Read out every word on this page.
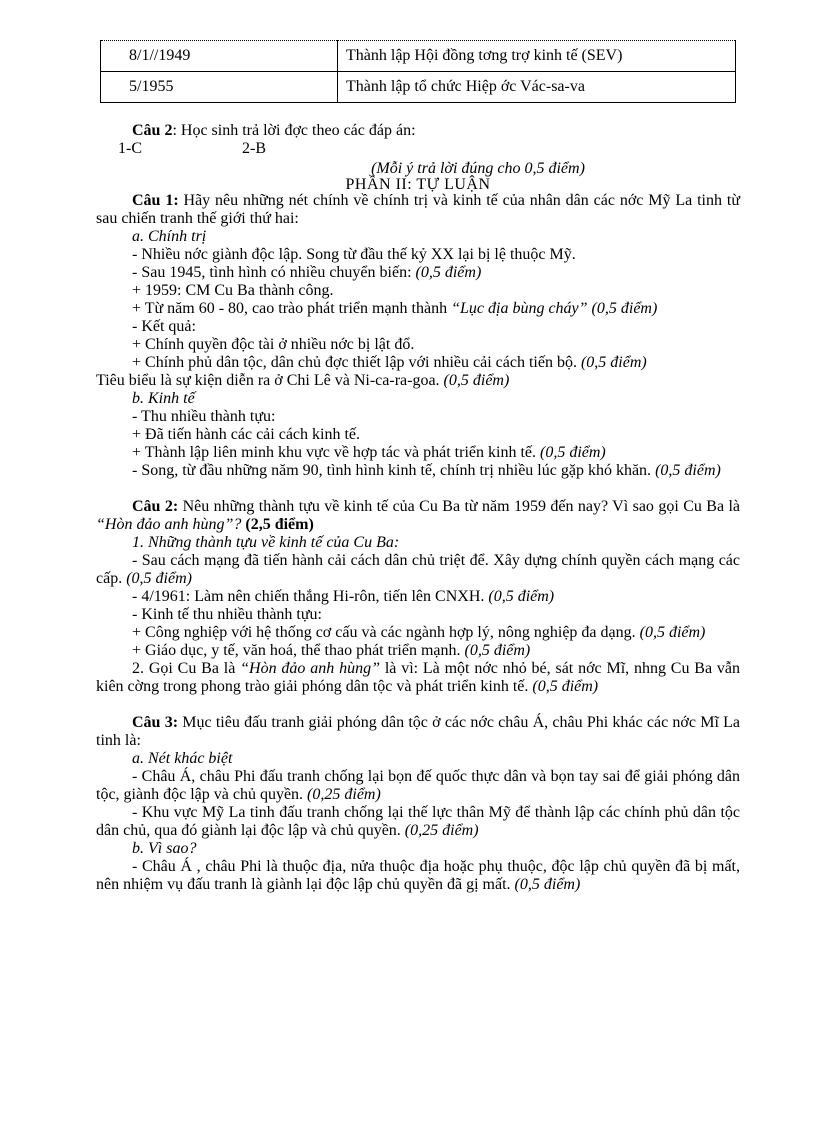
8/1//1949	Thành lập Hội đồng tơng trợ kinh tế (SEV)
5/1955	Thành lập tổ chức Hiệp ớc Vác-sa-va

Câu 2: Học sinh trả lời đợc theo các đáp án:

1-C	2-B

(Mỗi ý trả lời đúng cho 0,5 điểm)

PHẦN II: TỰ LUẬN

Câu 1: Hãy nêu những nét chính về chính trị và kinh tế của nhân dân các nớc Mỹ La tinh từ sau chiến tranh thế giới thứ hai:

a. Chính trị

- Nhiều nớc giành độc lập. Song từ đầu thế kỷ XX lại bị lệ thuộc Mỹ.

- Sau 1945, tình hình có nhiều chuyển biến: (0,5 điểm)

+ 1959: CM Cu Ba thành công.

+ Từ năm 60 - 80, cao trào phát triển mạnh thành “Lục địa bùng cháy” (0,5 điểm)

- Kết quả:

+ Chính quyền độc tài ở nhiều nớc bị lật đổ.

+ Chính phủ dân tộc, dân chủ đợc thiết lập với nhiều cải cách tiến bộ. (0,5 điểm)

Tiêu biểu là sự kiện diễn ra ở Chi Lê và Ni-ca-ra-goa. (0,5 điểm)

b. Kinh tế

- Thu nhiều thành tựu:

+ Đã tiến hành các cải cách kinh tế.

+ Thành lập liên minh khu vực về hợp tác và phát triển kinh tế. (0,5 điểm)

- Song, từ đầu những năm 90, tình hình kinh tế, chính trị nhiều lúc gặp khó khăn. (0,5 điểm)

Câu 2: Nêu những thành tựu về kinh tế của Cu Ba từ năm 1959 đến nay? Vì sao gọi Cu Ba là “Hòn đảo anh hùng”? (2,5 điểm)

1. Những thành tựu về kinh tế của Cu Ba:

- Sau cách mạng đã tiến hành cải cách dân chủ triệt để. Xây dựng chính quyền cách mạng các cấp. (0,5 điểm)

- 4/1961: Làm nên chiến thắng Hi-rôn, tiến lên CNXH. (0,5 điểm)

- Kinh tế thu nhiều thành tựu:

+ Công nghiệp với hệ thống cơ cấu và các ngành hợp lý, nông nghiệp đa dạng. (0,5 điểm)

+ Giáo dục, y tế, văn hoá, thể thao phát triển mạnh. (0,5 điểm)

2. Gọi Cu Ba là “Hòn đảo anh hùng” là vì: Là một nớc nhỏ bé, sát nớc Mĩ, nhng Cu Ba vẫn kiên cờng trong phong trào giải phóng dân tộc và phát triển kinh tế. (0,5 điểm)

Câu 3: Mục tiêu đấu tranh giải phóng dân tộc ở các nớc châu Á, châu Phi khác các nớc Mĩ La tinh là:

a. Nét khác biệt

- Châu Á, châu Phi đấu tranh chống lại bọn đế quốc thực dân và bọn tay sai để giải phóng dân tộc, giành độc lập và chủ quyền. (0,25 điểm)

- Khu vực Mỹ La tinh đấu tranh chống lại thế lực thân Mỹ để thành lập các chính phủ dân tộc dân chủ, qua đó giành lại độc lập và chủ quyền. (0,25 điểm)

b. Vì sao?

- Châu Á , châu Phi là thuộc địa, nửa thuộc địa hoặc phụ thuộc, độc lập chủ quyền đã bị mất, nên nhiệm vụ đấu tranh là giành lại độc lập chủ quyền đã gị mất. (0,5 điểm)
